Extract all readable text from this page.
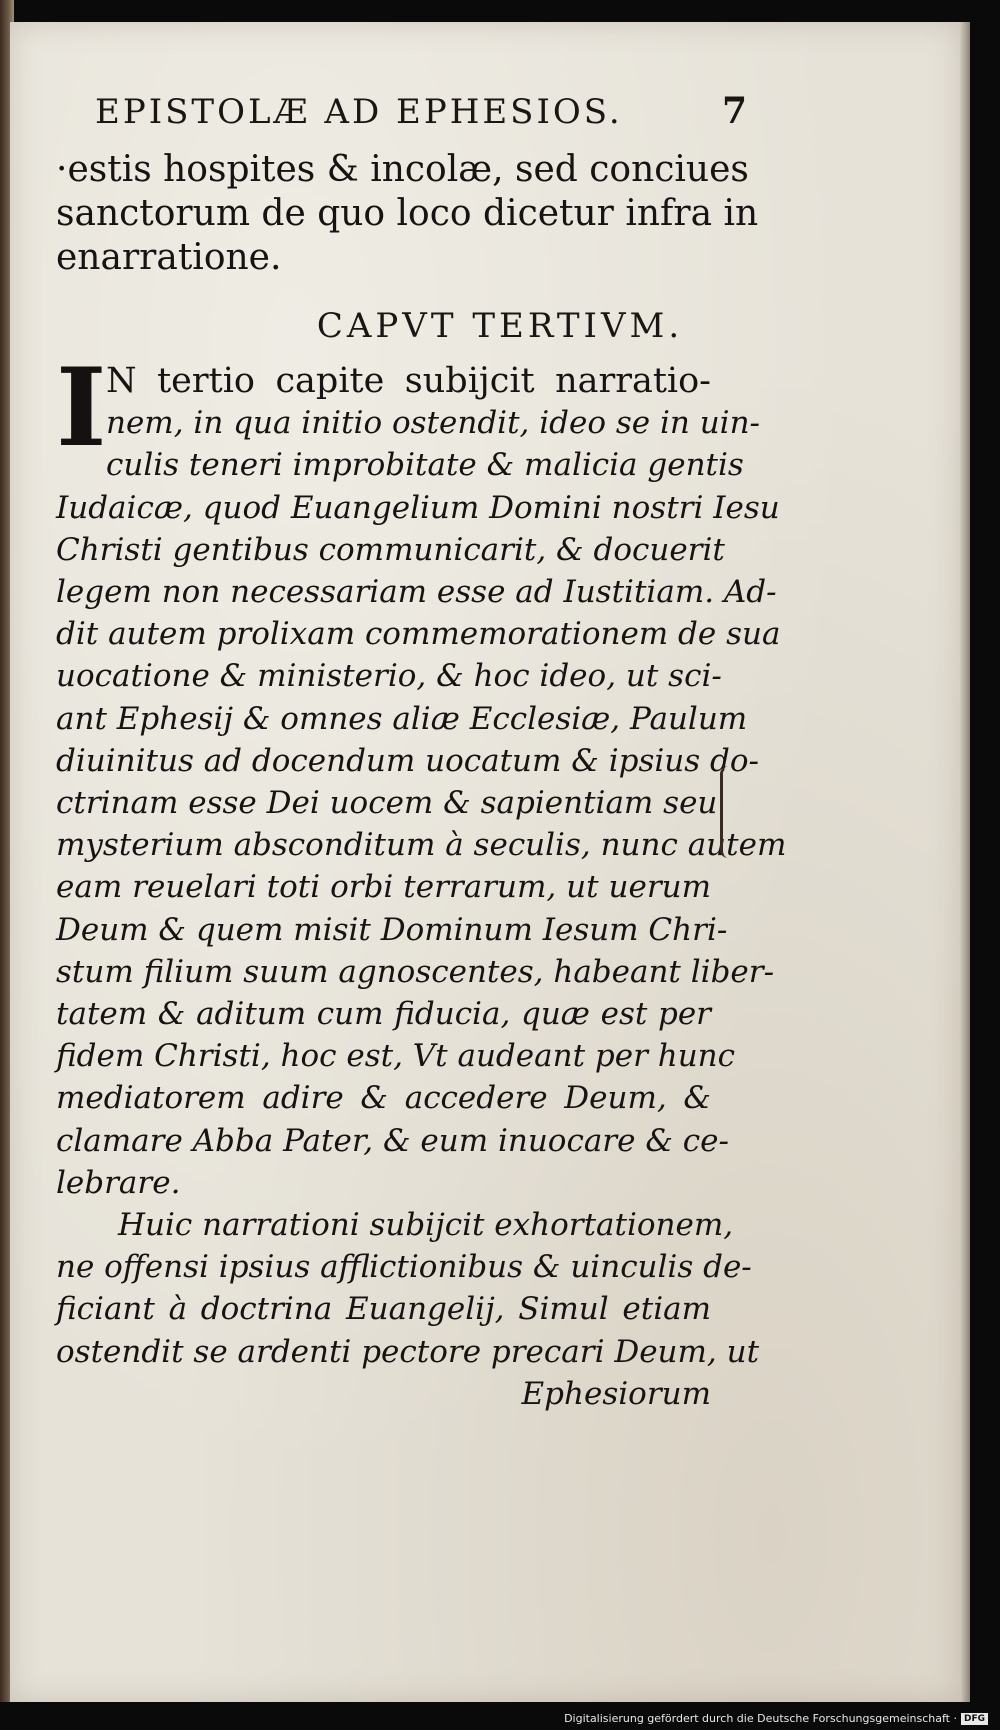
EPISTOLÆ AD EPHESIOS.	7
·estis hospites & incolæ, sed conciues
sanctorum de quo loco dicetur infra in
enarratione.
CAPVT TERTIVM.
I N tertio capite subijcit narratio-
nem, in qua initio ostendit, ideo se in uin-
culis teneri improbitate & malicia gentis
Iudaicæ, quod Euangelium Domini nostri Iesu
Christi gentibus communicarit, & docuerit
legem non necessariam esse ad Iustitiam. Ad-
dit autem prolixam commemorationem de sua
uocatione & ministerio, & hoc ideo, ut sci-
ant Ephesij & omnes aliæ Ecclesiæ, Paulum
diuinitus ad docendum uocatum & ipsius do-
ctrinam esse Dei uocem & sapientiam seu
mysterium absconditum à seculis, nunc autem
eam reuelari toti orbi terrarum, ut uerum
Deum & quem misit Dominum Iesum Chri-
stum filium suum agnoscentes, habeant liber-
tatem & aditum cum fiducia, quæ est per
fidem Christi, hoc est, Vt audeant per hunc
mediatorem adire & accedere Deum, &
clamare Abba Pater, & eum inuocare & ce-
lebrare.
Huic narrationi subijcit exhortationem,
ne offensi ipsius afflictionibus & uinculis de-
ficiant à doctrina Euangelij, Simul etiam
ostendit se ardenti pectore precari Deum, ut
Ephesiorum
Digitalisierung gefördert durch die Deutsche Forschungsgemeinschaft · DFG
